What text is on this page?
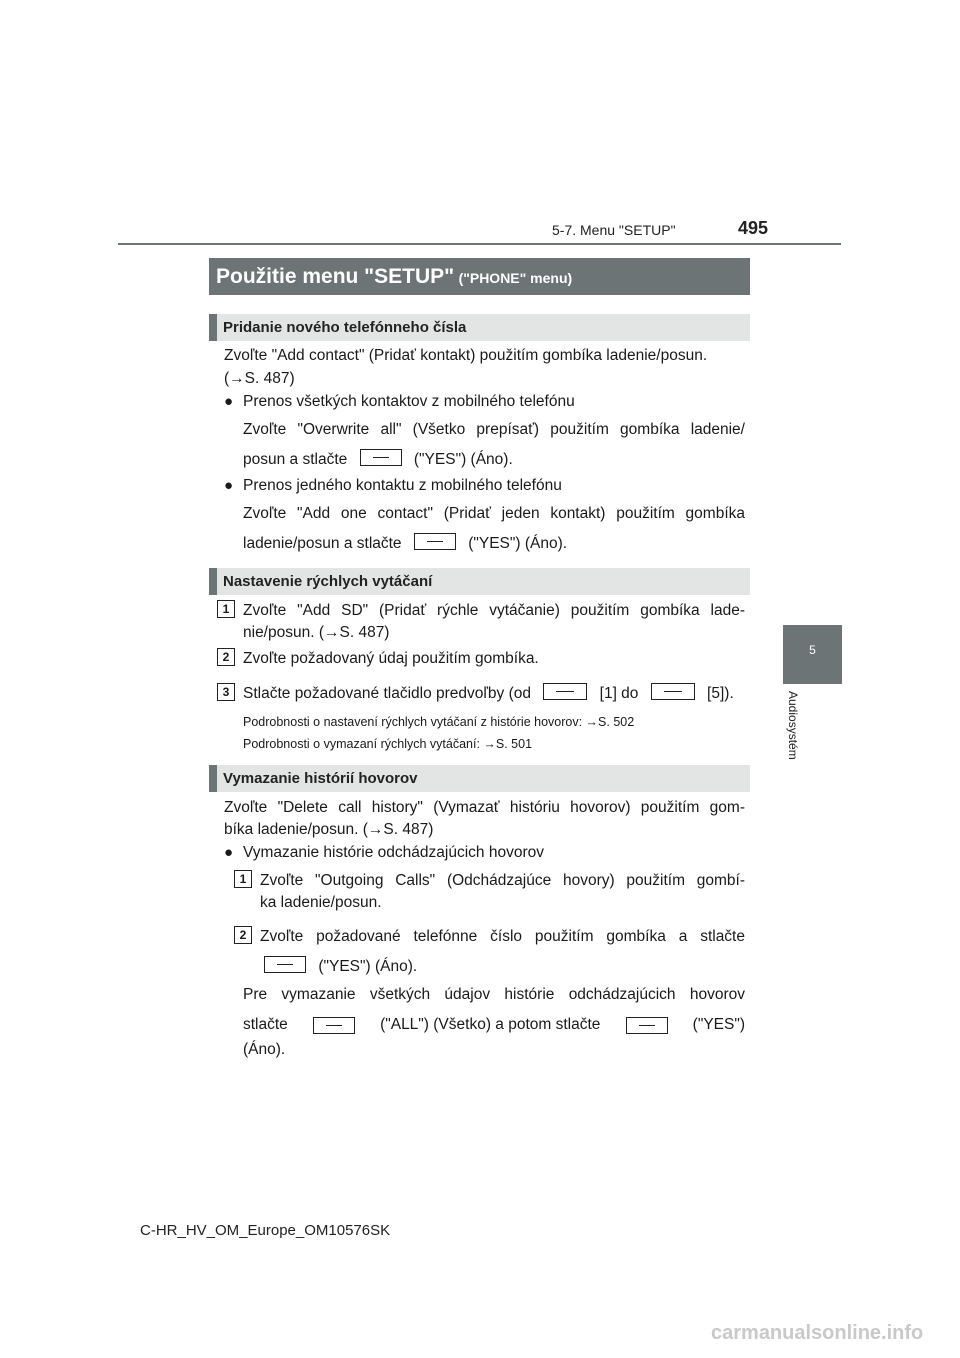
5-7. Menu "SETUP"	495
5
Audiosystém
Použitie menu "SETUP" ("PHONE" menu)
Pridanie nového telefónneho čísla
Zvoľte "Add contact" (Pridať kontakt) použitím gombíka ladenie/posun.
(→S. 487)
● Prenos všetkých kontaktov z mobilného telefónu
Zvoľte "Overwrite all" (Všetko prepísať) použitím gombíka ladenie/
posun a stlačte	("YES") (Áno).
● Prenos jedného kontaktu z mobilného telefónu
Zvoľte "Add one contact" (Pridať jeden kontakt) použitím gombíka
ladenie/posun a stlačte	("YES") (Áno).
Nastavenie rýchlych vytáčaní
1 Zvoľte "Add SD" (Pridať rýchle vytáčanie) použitím gombíka lade-
nie/posun. (→S. 487)
2 Zvoľte požadovaný údaj použitím gombíka.
3 Stlačte požadované tlačidlo predvoľby (od	[1] do	[5]).
Podrobnosti o nastavení rýchlych vytáčaní z histórie hovorov: →S. 502
Podrobnosti o vymazaní rýchlych vytáčaní: →S. 501
Vymazanie histórií hovorov
Zvoľte "Delete call history" (Vymazať históriu hovorov) použitím gom-
bíka ladenie/posun. (→S. 487)
● Vymazanie histórie odchádzajúcich hovorov
1 Zvoľte "Outgoing Calls" (Odchádzajúce hovory) použitím gombí-
ka ladenie/posun.
2 Zvoľte požadované telefónne číslo použitím gombíka a stlačte
("YES") (Áno).
Pre vymazanie všetkých údajov histórie odchádzajúcich hovorov
stlačte	("ALL") (Všetko) a potom stlačte	("YES")
(Áno).
C-HR_HV_OM_Europe_OM10576SK
carmanualsonline.info
